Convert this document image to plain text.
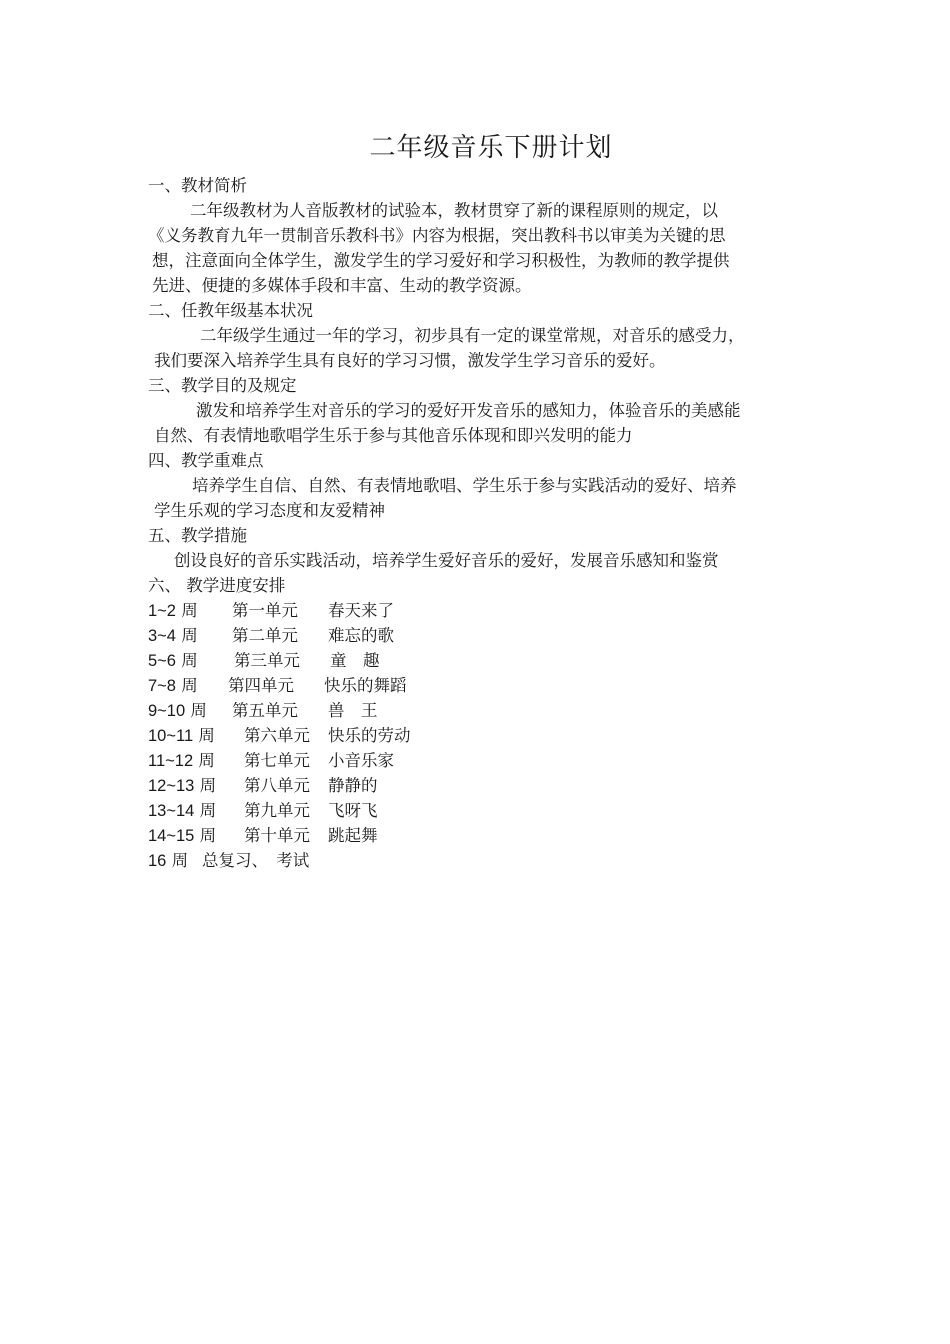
二年级音乐下册计划
一、教材简析
二年级教材为人音版教材的试验本，教材贯穿了新的课程原则的规定，以
《义务教育九年一贯制音乐教科书》内容为根据，突出教科书以审美为关键的思
想，注意面向全体学生，激发学生的学习爱好和学习积极性，为教师的教学提供
先进、便捷的多媒体手段和丰富、生动的教学资源。
二、任教年级基本状况
二年级学生通过一年的学习，初步具有一定的课堂常规，对音乐的感受力，
我们要深入培养学生具有良好的学习习惯，激发学生学习音乐的爱好。
三、教学目的及规定
激发和培养学生对音乐的学习的爱好开发音乐的感知力，体验音乐的美感能
自然、有表情地歌唱学生乐于参与其他音乐体现和即兴发明的能力
四、教学重难点
培养学生自信、自然、有表情地歌唱、学生乐于参与实践活动的爱好、培养
学生乐观的学习态度和友爱精神
五、教学措施
创设良好的音乐实践活动，培养学生爱好音乐的爱好，发展音乐感知和鉴赏
六、 教学进度安排
1~2 周	第一单元	春天来了
3~4 周	第二单元	难忘的歌
5~6 周	第三单元	童　趣
7~8 周	第四单元	快乐的舞蹈
9~10 周	第五单元	兽　王
10~11 周	第六单元	快乐的劳动
11~12 周	第七单元	小音乐家
12~13 周	第八单元	静静的
13~14 周	第九单元	飞呀飞
14~15 周	第十单元	跳起舞
16 周 总复习、　考试
